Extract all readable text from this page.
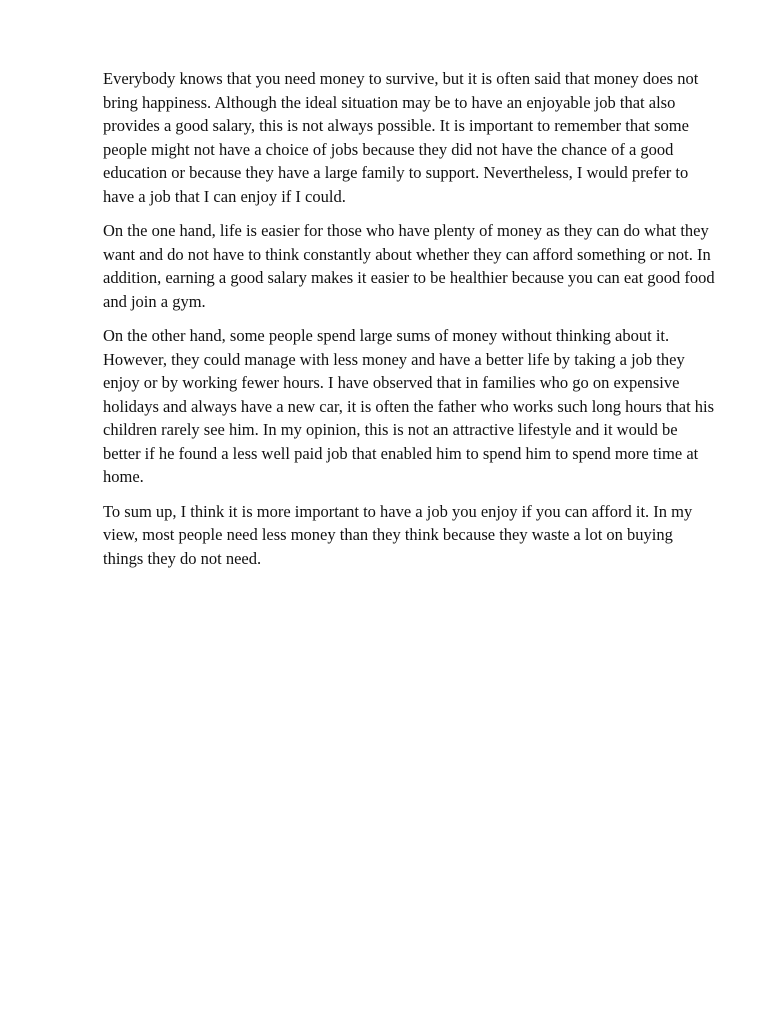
Everybody knows that you need money to survive, but it is often said that money does not bring happiness. Although the ideal situation may be to have an enjoyable job that also provides a good salary, this is not always possible. It is important to remember that some people might not have a choice of jobs because they did not have the chance of a good education or because they have a large family to support. Nevertheless, I would prefer to have a job that I can enjoy if I could.

On the one hand, life is easier for those who have plenty of money as they can do what they want and do not have to think constantly about whether they can afford something or not. In addition, earning a good salary makes it easier to be healthier because you can eat good food and join a gym.

On the other hand, some people spend large sums of money without thinking about it. However, they could manage with less money and have a better life by taking a job they enjoy or by working fewer hours. I have observed that in families who go on expensive holidays and always have a new car, it is often the father who works such long hours that his children rarely see him. In my opinion, this is not an attractive lifestyle and it would be better if he found a less well paid job that enabled him to spend him to spend more time at home.

To sum up, I think it is more important to have a job you enjoy if you can afford it. In my view, most people need less money than they think because they waste a lot on buying things they do not need.
